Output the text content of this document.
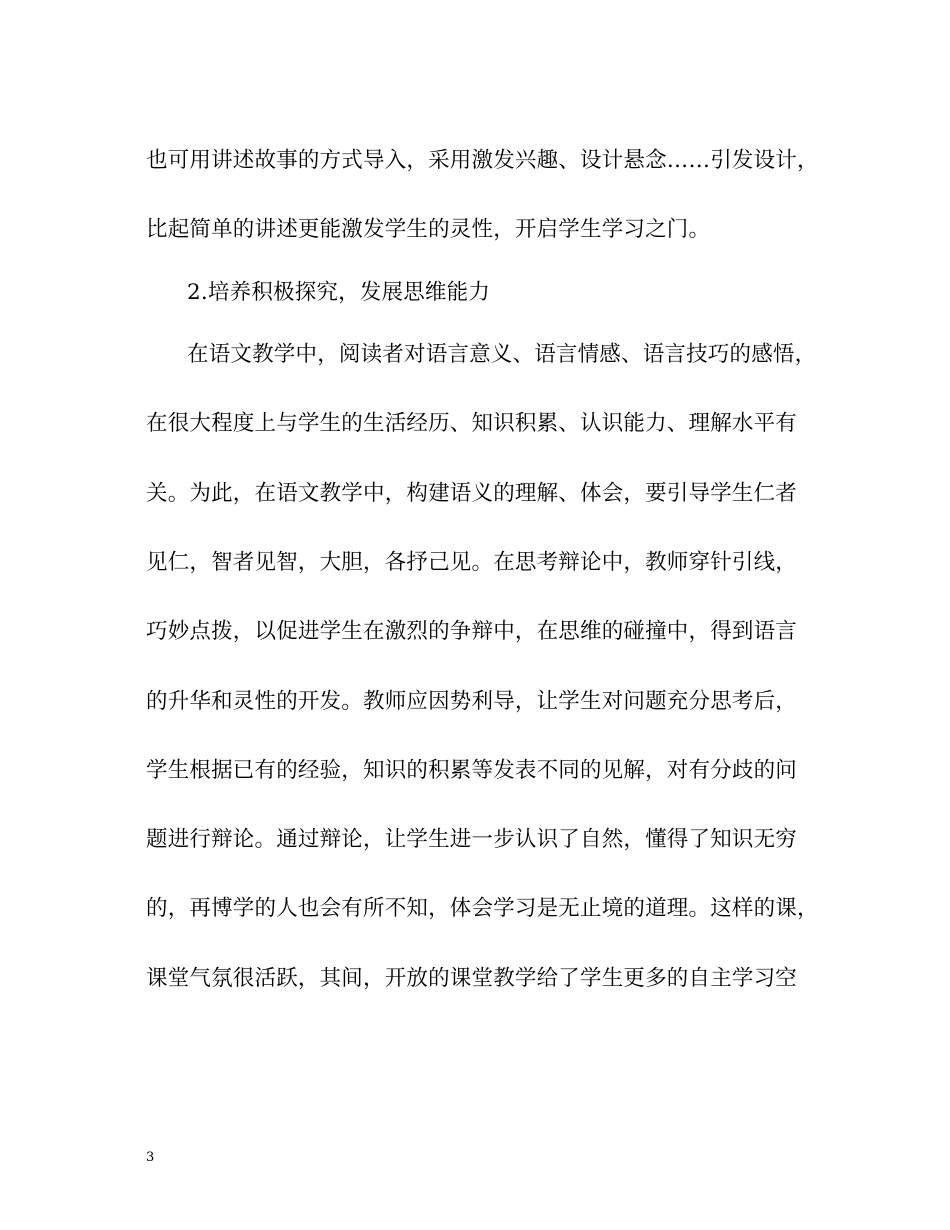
也可用讲述故事的方式导入，采用激发兴趣、设计悬念……引发设计，
比起简单的讲述更能激发学生的灵性，开启学生学习之门。
2.培养积极探究，发展思维能力
在语文教学中，阅读者对语言意义、语言情感、语言技巧的感悟，
在很大程度上与学生的生活经历、知识积累、认识能力、理解水平有
关。为此，在语文教学中，构建语义的理解、体会，要引导学生仁者
见仁，智者见智，大胆，各抒己见。在思考辩论中，教师穿针引线，
巧妙点拨，以促进学生在激烈的争辩中，在思维的碰撞中，得到语言
的升华和灵性的开发。教师应因势利导，让学生对问题充分思考后，
学生根据已有的经验，知识的积累等发表不同的见解，对有分歧的问
题进行辩论。通过辩论，让学生进一步认识了自然，懂得了知识无穷
的，再博学的人也会有所不知，体会学习是无止境的道理。这样的课，
课堂气氛很活跃，其间，开放的课堂教学给了学生更多的自主学习空
3
